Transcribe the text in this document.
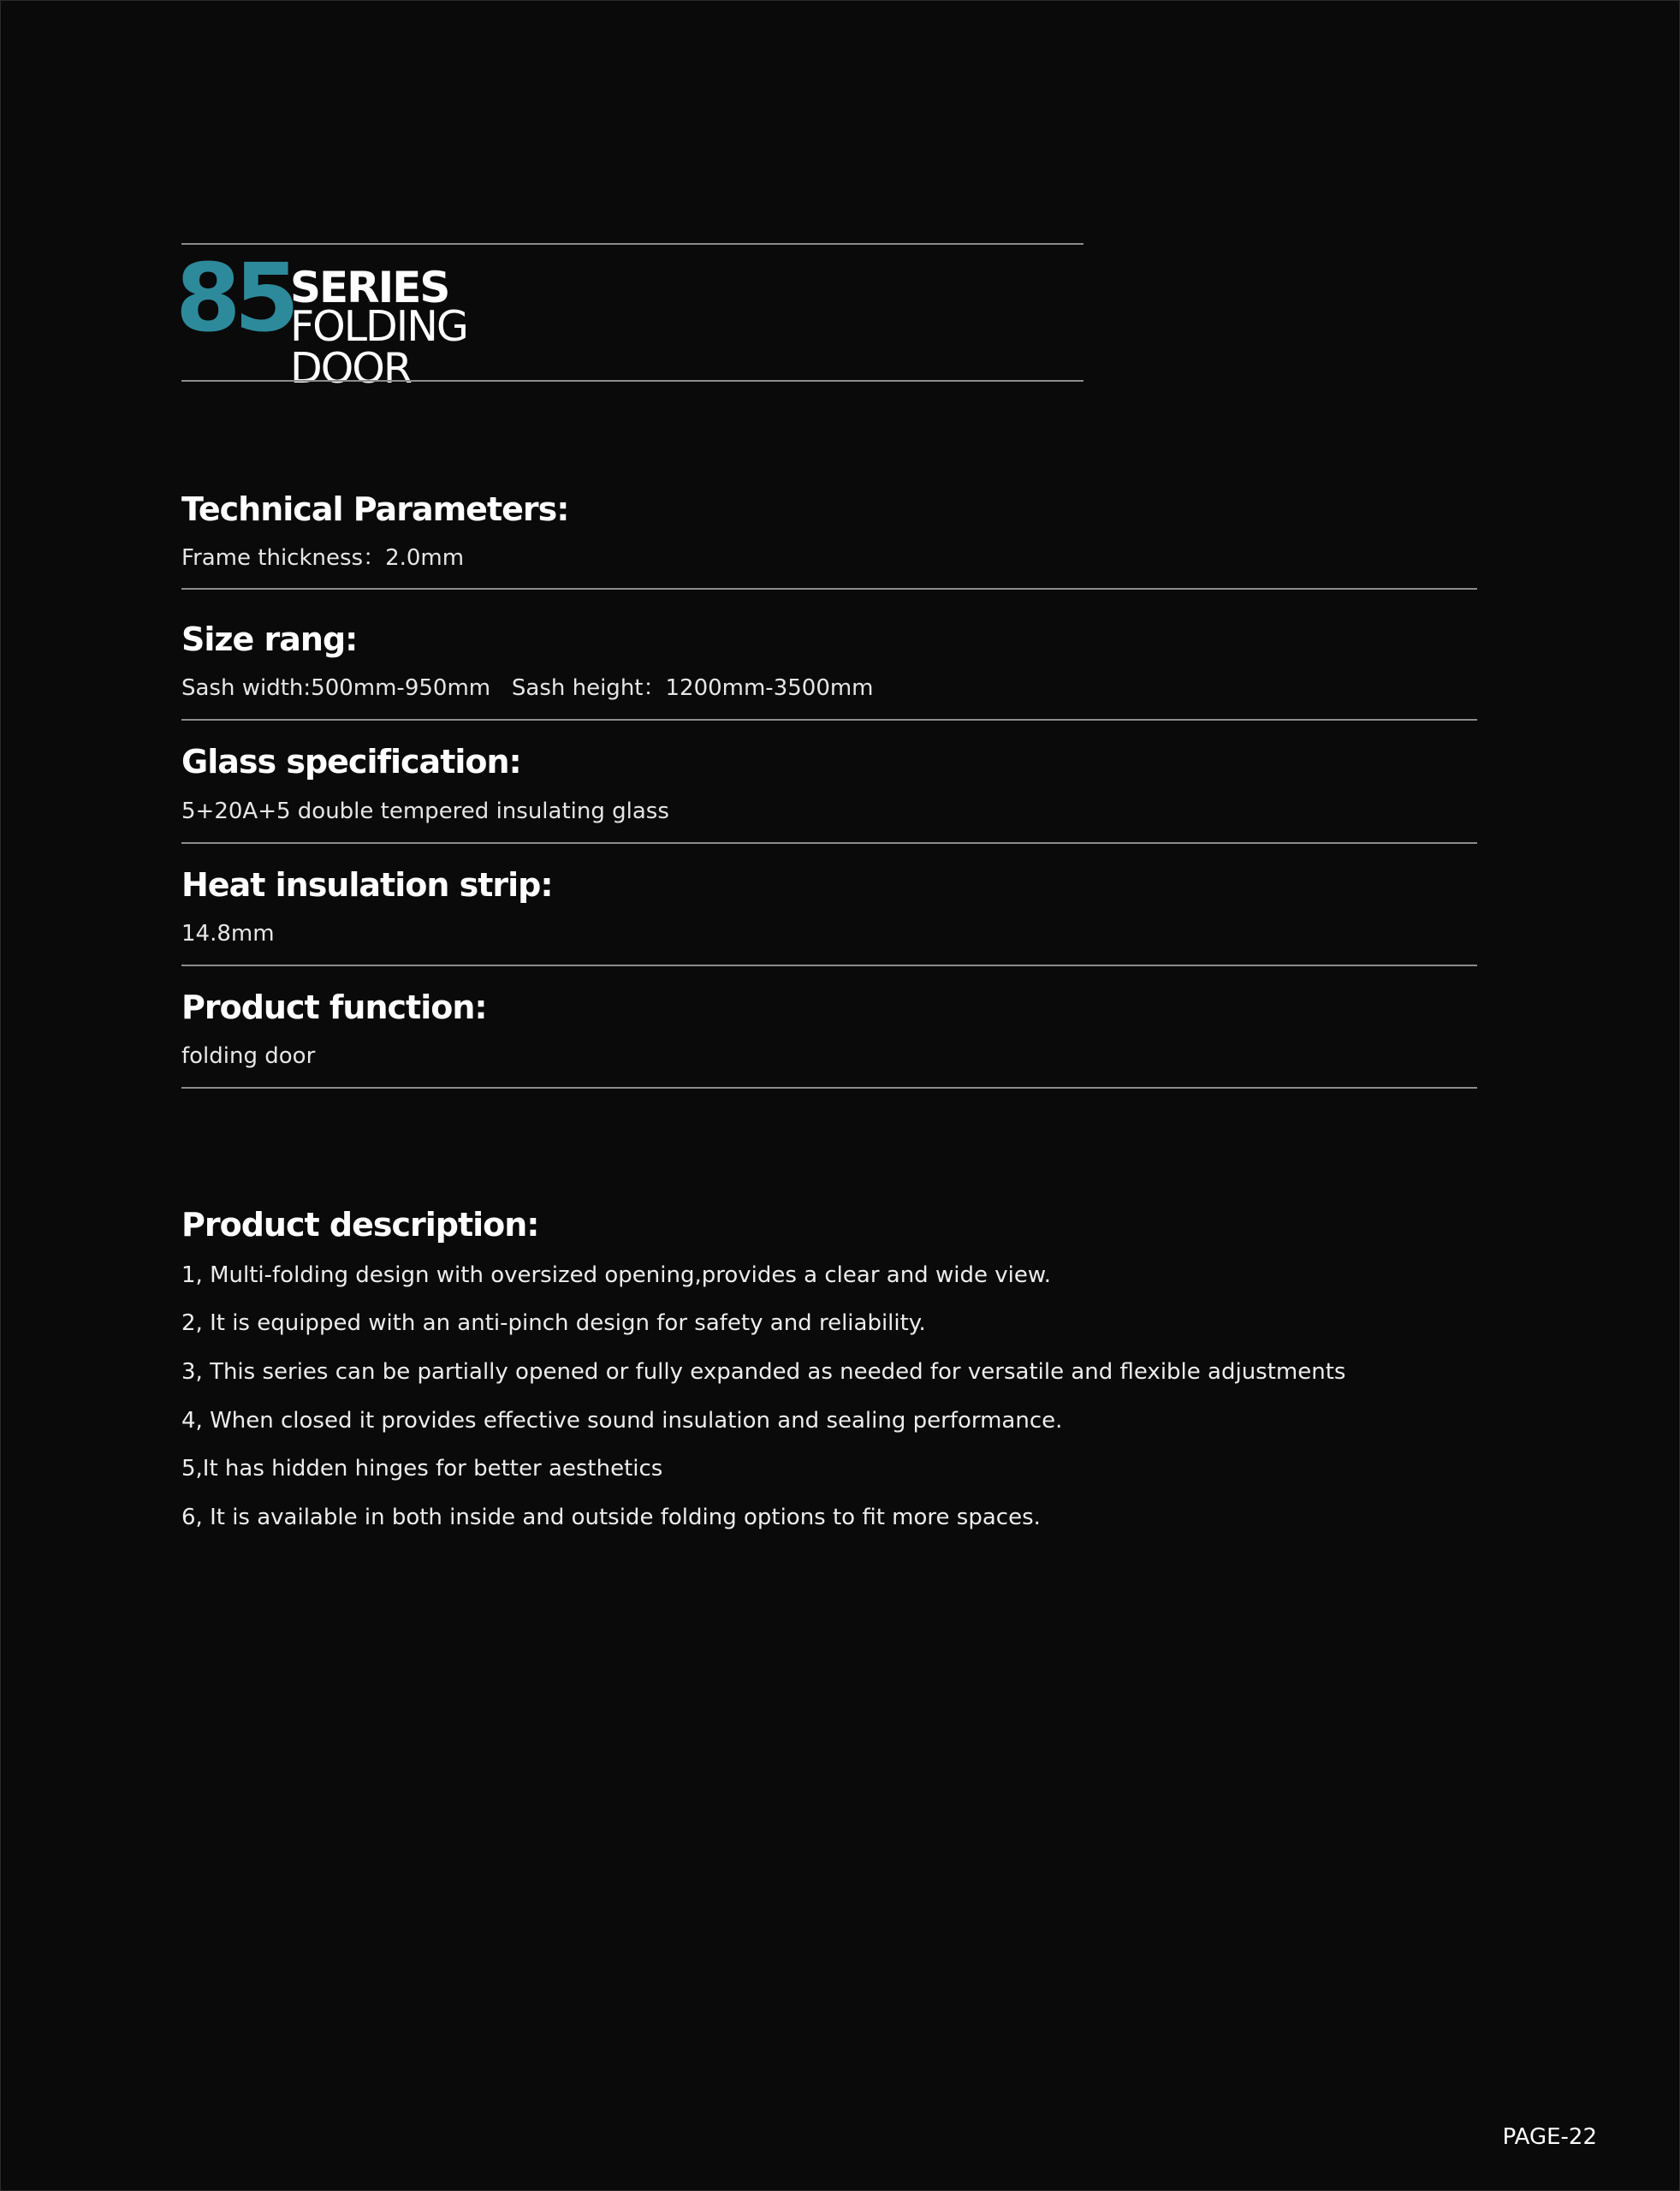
85
SERIES
FOLDING DOOR
Technical Parameters:
Frame thickness：2.0mm
Size rang:
Sash width:500mm-950mm   Sash height：1200mm-3500mm
Glass specification:
5+20A+5 double tempered insulating glass
Heat insulation strip:
14.8mm
Product function:
folding door
Product description:
1, Multi-folding design with oversized opening,provides a clear and wide view.
2, It is equipped with an anti-pinch design for safety and reliability.
3, This series can be partially opened or fully expanded as needed for versatile and flexible adjustments
4, When closed it provides effective sound insulation and sealing performance.
5,It has hidden hinges for better aesthetics
6, It is available in both inside and outside folding options to fit more spaces.
PAGE-22
